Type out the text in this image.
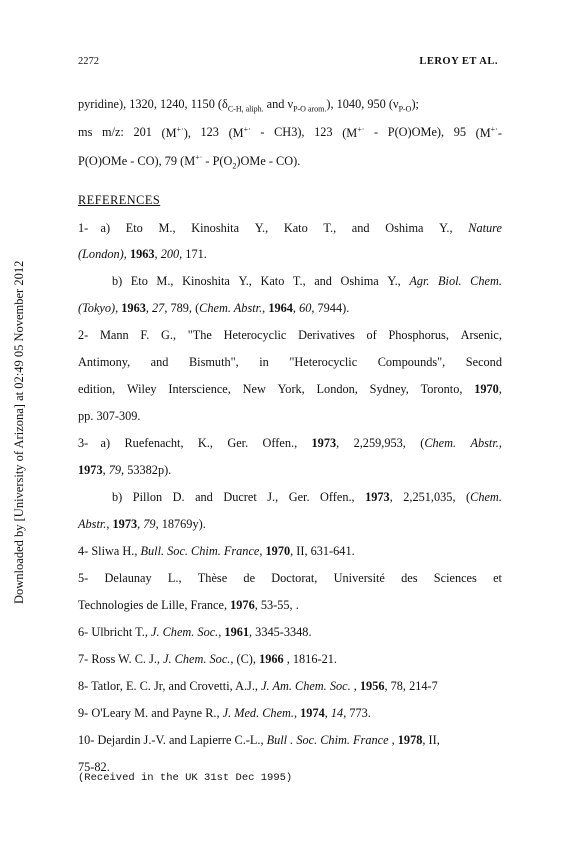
2272	LEROY ET AL.
Downloaded by [University of Arizona] at 02:49 05 November 2012
pyridine), 1320, 1240, 1150 ($\delta_{C-H, aliph.}$ and $\nu_{P-O arom.}$), 1040, 950 $(\nu_{P-O})$;
ms m/z: 201 (M+·), 123 (M+· - CH3), 123 (M+· - P(O)OMe), 95 (M+·-
P(O)OMe - CO), 79 $(M^{+\cdot} - P(O_2)OMe - CO)$.
REFERENCES
1-    a) Eto M., Kinoshita Y., Kato T., and Oshima Y., Nature
(London), 1963, 200, 171.
b) Eto M., Kinoshita Y., Kato T., and Oshima Y., Agr. Biol. Chem.
(Tokyo), 1963, 27, 789, (Chem. Abstr., 1964, 60, 7944).
2- Mann F. G., "The Heterocyclic Derivatives of Phosphorus, Arsenic,
Antimony, and Bismuth", in "Heterocyclic Compounds", Second
edition, Wiley Interscience, New York, London, Sydney, Toronto, 1970,
pp. 307-309.
3-    a) Ruefenacht, K., Ger. Offen., 1973, 2,259,953, (Chem. Abstr.,
1973, 79, 53382p).
b) Pillon D. and Ducret J., Ger. Offen., 1973, 2,251,035, (Chem.
Abstr., 1973, 79, 18769y).
4- Sliwa H., Bull. Soc. Chim. France, 1970, II, 631-641.
5- Delaunay L., Thèse de Doctorat, Université des Sciences et
Technologies de Lille, France, 1976, 53-55, .
6- Ulbricht T., J. Chem. Soc., 1961, 3345-3348.
7- Ross W. C. J., J. Chem. Soc., (C), 1966 , 1816-21.
8- Tatlor, E. C. Jr, and Crovetti, A.J., J. Am. Chem. Soc. , 1956, 78, 214-7
9- O'Leary M. and Payne R., J. Med. Chem., 1974, 14, 773.
10- Dejardin J.-V. and Lapierre C.-L., Bull . Soc. Chim. France , 1978, II,
75-82.
(Received in the UK 31st Dec 1995)
